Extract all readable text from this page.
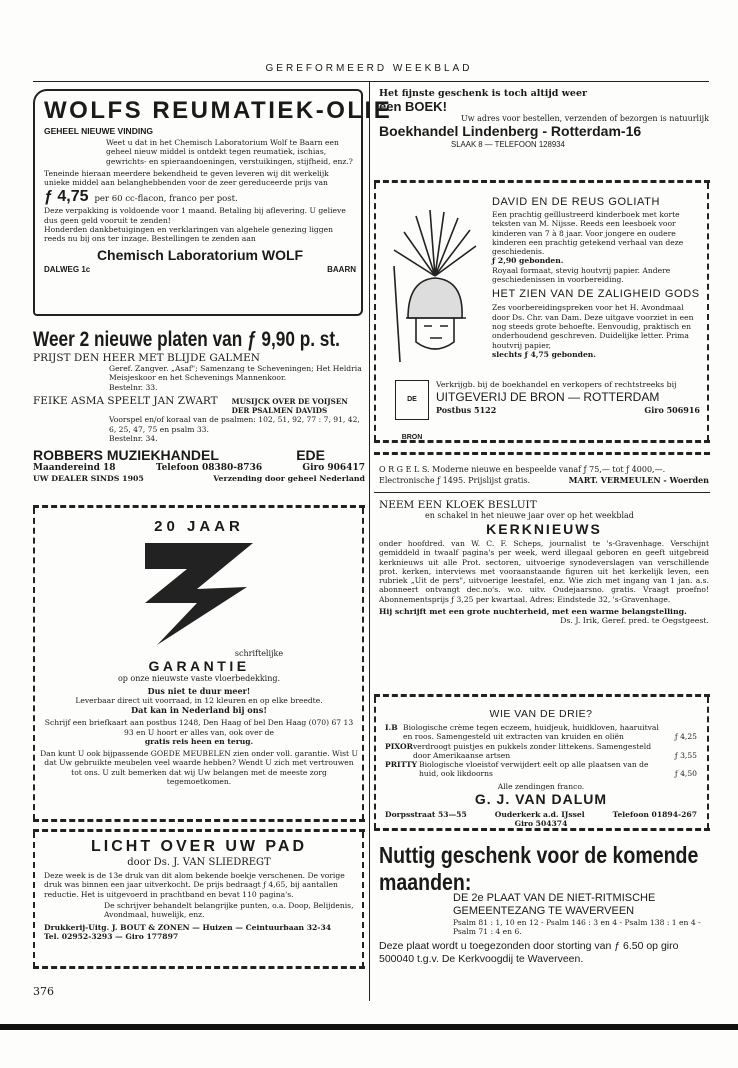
GEREFORMEERD WEEKBLAD
WOLFS REUMATIEK-OLIE
GEHEEL NIEUWE VINDING
Weet u dat in het Chemisch Laboratorium Wolf te Baarn een geheel nieuw middel is ontdekt tegen reumatiek, ischias, gewrichts- en spieraandoeningen, verstuikingen, stijfheid, enz.?
Teneinde hieraan meerdere bekendheid te geven leveren wij dit werkelijk unieke middel aan belanghebbenden voor de zeer gereduceerde prijs van
ƒ 4,75 per 60 cc-flacon, franco per post.
Deze verpakking is voldoende voor 1 maand. Betaling bij aflevering. U gelieve dus geen geld vooruit te zenden!
Honderden dankbetuigingen en verklaringen van algehele genezing liggen reeds nu bij ons ter inzage. Bestellingen te zenden aan
Chemisch Laboratorium WOLF
DALWEG 1c	BAARN
Weer 2 nieuwe platen van ƒ 9,90 p. st.
PRIJST DEN HEER MET BLIJDE GALMEN
Geref. Zangver. „Asaf"; Samenzang te Scheveningen; Het Heldria Meisjeskoor en het Schevenings Mannenkoor.
Bestelnr. 33.
FEIKE ASMA SPEELT JAN ZWART MUSIJCK OVER DE VOIJSEN DER PSALMEN DAVIDS
Voorspel en/of koraal van de psalmen: 102, 51, 92, 77 : 7, 91, 42, 6, 25, 47, 75 en psalm 33.
Bestelnr. 34.
ROBBERS MUZIEKHANDEL	EDE
Maandereind 18	Telefoon 08380-8736	Giro 906417
UW DEALER SINDS 1905	Verzending door geheel Nederland
20 JAAR
schriftelijke
GARANTIE
op onze nieuwste vaste vloerbedekking.
Dus niet te duur meer!
Leverbaar direct uit voorraad, in 12 kleuren en op elke breedte.
Dat kan in Nederland bij ons!
Schrijf een briefkaart aan postbus 1248, Den Haag of bel Den Haag (070) 67 13 93 en U hoort er alles van, ook over de
gratis reis heen en terug.
Dan kunt U ook bijpassende GOEDE MEUBELEN zien onder voll. garantie. Wist U dat Uw gebruikte meubelen veel waarde hebben? Wendt U zich met vertrouwen tot ons. U zult bemerken dat wij Uw belangen met de meeste zorg tegemoetkomen.
LICHT OVER UW PAD
door Ds. J. VAN SLIEDREGT
Deze week is de 13e druk van dit alom bekende boekje verschenen. De vorige druk was binnen een jaar uitverkocht. De prijs bedraagt ƒ 4,65, bij aantallen reductie. Het is uitgevoerd in prachtband en bevat 110 pagina's.
De schrijver behandelt belangrijke punten, o.a. Doop, Belijdenis, Avondmaal, huwelijk, enz.
Drukkerij-Uitg. J. BOUT & ZONEN — Huizen — Ceintuurbaan 32-34
Tel. 02952-3293 — Giro 177897
376
Het fijnste geschenk is toch altijd weer
een BOEK!
Uw adres voor bestellen, verzenden of bezorgen is natuurlijk
Boekhandel Lindenberg - Rotterdam-16
SLAAK 8 — TELEFOON 128934
DAVID EN DE REUS GOLIATH
Een prachtig geïllustreerd kinderboek met korte teksten van M. Nijsse. Reeds een leesboek voor kinderen van 7 à 8 jaar. Voor jongere en oudere kinderen een prachtig getekend verhaal van deze geschiedenis.
ƒ 2,90 gebonden.
Royaal formaat, stevig houtvrij papier. Andere geschiedenissen in voorbereiding.
HET ZIEN VAN DE ZALIGHEID GODS
Zes voorbereidingspreken voor het H. Avondmaal door Ds. Chr. van Dam. Deze uitgave voorziet in een nog steeds grote behoefte. Eenvoudig, praktisch en onderhoudend geschreven. Duidelijke letter. Prima houtvrij papier,
slechts ƒ 4,75 gebonden.
DE BRON
Verkrijgb. bij de boekhandel en verkopers of rechtstreeks bij
UITGEVERIJ DE BRON — ROTTERDAM
Postbus 5122	Giro 506916
O R G E L S. Moderne nieuwe en bespeelde vanaf ƒ 75,— tot ƒ 4000,—. Electronische ƒ 1495. Prijslijst gratis.	MART. VERMEULEN - Woerden
NEEM EEN KLOEK BESLUIT
en schakel in het nieuwe jaar over op het weekblad
KERKNIEUWS
onder hoofdred. van W. C. F. Scheps, journalist te 's-Gravenhage. Verschijnt gemiddeld in twaalf pagina's per week, werd illegaal geboren en geeft uitgebreid kerknieuws uit alle Prot. sectoren, uitvoerige synodeverslagen van verschillende prot. kerken, interviews met vooraanstaande figuren uit het kerkelijk leven, een rubriek „Uit de pers", uitvoerige leestafel, enz. Wie zich met ingang van 1 jan. a.s. abonneert ontvangt dec.no's. w.o. uitv. Oudejaarsno. gratis. Vraagt proefno! Abonnementsprijs ƒ 3,25 per kwartaal. Adres: Eindstede 32, 's-Gravenhage.
Hij schrijft met een grote nuchterheid, met een warme belangstelling.
Ds. J. Irik, Geref. pred. te Oegstgeest.
WIE VAN DE DRIE?
I.B Biologische crème tegen eczeem, huidjeuk, huidkloven, haaruitval en roos. Samengesteld uit extracten van kruiden en oliën	ƒ 4,25
PIXOR verdroogt puistjes en pukkels zonder littekens. Samengesteld door Amerikaanse artsen	ƒ 3,55
PRITTY Biologische vloeistof verwijdert eelt op alle plaatsen van de huid, ook likdoorns	ƒ 4,50
Alle zendingen franco.
G. J. VAN DALUM
Dorpsstraat 53—55	Ouderkerk a.d. IJssel	Telefoon 01894-267
Giro 504374
Nuttig geschenk voor de komende maanden:
DE 2e PLAAT VAN DE NIET-RITMISCHE GEMEENTEZANG TE WAVERVEEN
Psalm 81 : 1, 10 en 12 - Psalm 146 : 3 en 4 - Psalm 138 : 1 en 4 - Psalm 71 : 4 en 6.
Deze plaat wordt u toegezonden door storting van ƒ 6.50 op giro 500040 t.g.v. De Kerkvoogdij te Waverveen.
